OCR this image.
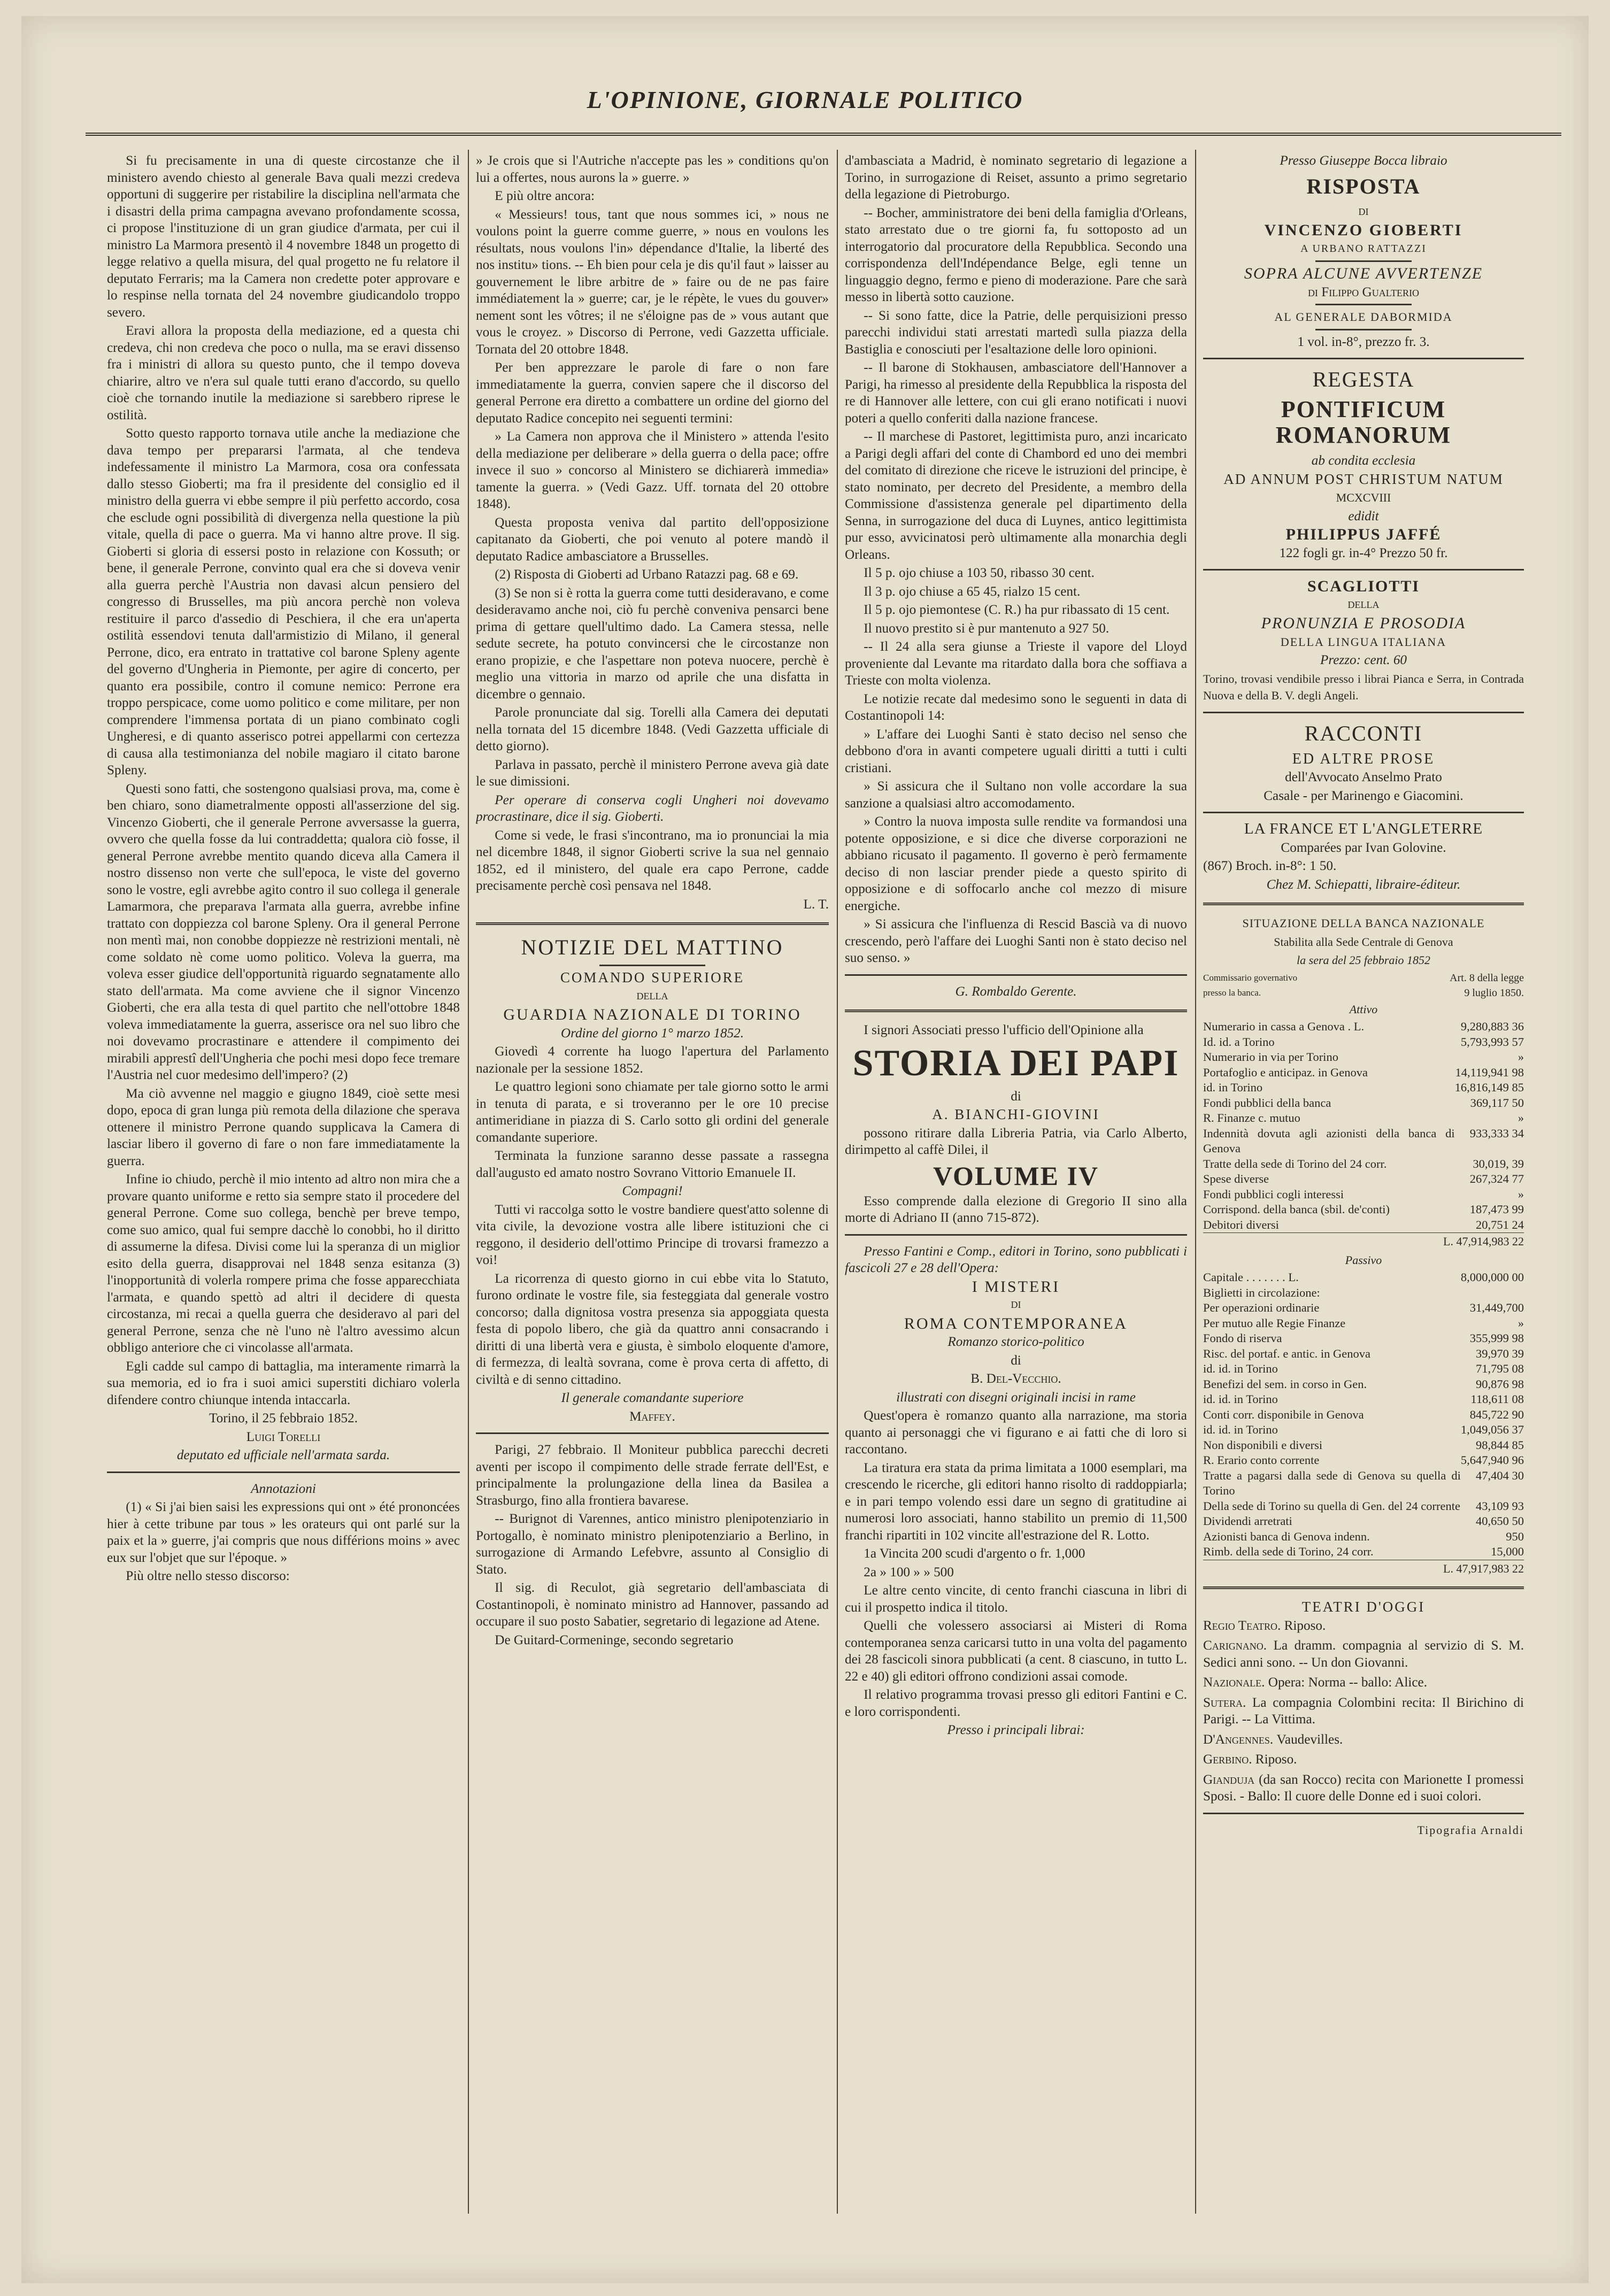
L'OPINIONE, GIORNALE POLITICO

Si fu precisamente in una di queste circostanze che il ministero avendo chiesto al generale Bava quali mezzi credeva opportuni di suggerire per ristabilire la disciplina nell'armata che i disastri della prima campagna avevano profondamente scossa, ci propose l'instituzione di un gran giudice d'armata, per cui il ministro La Marmora presentò il 4 novembre 1848 un progetto di legge relativo a quella misura, del qual progetto ne fu relatore il deputato Ferraris; ma la Camera non credette poter approvare e lo respinse nella tornata del 24 novembre giudicandolo troppo severo.

Eravi allora la proposta della mediazione, ed a questa chi credeva, chi non credeva che poco o nulla, ma se eravi dissenso fra i ministri di allora su questo punto, che il tempo doveva chiarire, altro ve n'era sul quale tutti erano d'accordo, su quello cioè che tornando inutile la mediazione si sarebbero riprese le ostilità.

Sotto questo rapporto tornava utile anche la mediazione che dava tempo per prepararsi l'armata, al che tendeva indefessamente il ministro La Marmora, cosa ora confessata dallo stesso Gioberti; ma fra il presidente del consiglio ed il ministro della guerra vi ebbe sempre il più perfetto accordo, cosa che esclude ogni possibilità di divergenza nella questione la più vitale, quella di pace o guerra. Ma vi hanno altre prove. Il sig. Gioberti si gloria di essersi posto in relazione con Kossuth; or bene, il generale Perrone, convinto qual era che si doveva venir alla guerra perchè l'Austria non davasi alcun pensiero del congresso di Brusselles, ma più ancora perchè non voleva restituire il parco d'assedio di Peschiera, il che era un'aperta ostilità essendovi tenuta dall'armistizio di Milano, il general Perrone, dico, era entrato in trattative col barone Spleny agente del governo d'Ungheria in Piemonte, per agire di concerto, per quanto era possibile, contro il comune nemico: Perrone era troppo perspicace, come uomo politico e come militare, per non comprendere l'immensa portata di un piano combinato cogli Ungheresi, e di quanto asserisco potrei appellarmi con certezza di causa alla testimonianza del nobile magiaro il citato barone Spleny.

Questi sono fatti, che sostengono qualsiasi prova, ma, come è ben chiaro, sono diametralmente opposti all'asserzione del sig. Vincenzo Gioberti, che il generale Perrone avversasse la guerra, ovvero che quella fosse da lui contraddetta; qualora ciò fosse, il general Perrone avrebbe mentito quando diceva alla Camera il nostro dissenso non verte che sull'epoca, le viste del governo sono le vostre, egli avrebbe agito contro il suo collega il generale Lamarmora, che preparava l'armata alla guerra, avrebbe infine trattato con doppiezza col barone Spleny. Ora il general Perrone non mentì mai, non conobbe doppiezze nè restrizioni mentali, nè come soldato nè come uomo politico. Voleva la guerra, ma voleva esser giudice dell'opportunità riguardo segnatamente allo stato dell'armata. Ma come avviene che il signor Vincenzo Gioberti, che era alla testa di quel partito che nell'ottobre 1848 voleva immediatamente la guerra, asserisce ora nel suo libro che noi dovevamo procrastinare e attendere il compimento dei mirabili apprestî dell'Ungheria che pochi mesi dopo fece tremare l'Austria nel cuor medesimo dell'impero? (2)

Ma ciò avvenne nel maggio e giugno 1849, cioè sette mesi dopo, epoca di gran lunga più remota della dilazione che sperava ottenere il ministro Perrone quando supplicava la Camera di lasciar libero il governo di fare o non fare immediatamente la guerra.

Infine io chiudo, perchè il mio intento ad altro non mira che a provare quanto uniforme e retto sia sempre stato il procedere del general Perrone. Come suo collega, benchè per breve tempo, come suo amico, qual fui sempre dacchè lo conobbi, ho il diritto di assumerne la difesa. Divisi come lui la speranza di un miglior esito della guerra, disapprovai nel 1848 senza esitanza (3) l'inopportunità di volerla rompere prima che fosse apparecchiata l'armata, e quando spettò ad altri il decidere di questa circostanza, mi recai a quella guerra che desideravo al pari del general Perrone, senza che nè l'uno nè l'altro avessimo alcun obbligo anteriore che ci vincolasse all'armata.

Egli cadde sul campo di battaglia, ma interamente rimarrà la sua memoria, ed io fra i suoi amici superstiti dichiaro volerla difendere contro chiunque intenda intaccarla.

Torino, il 25 febbraio 1852.

Luigi Torelli

deputato ed ufficiale nell'armata sarda.

Annotazioni

(1) « Si j'ai bien saisi les expressions qui ont » été prononcées hier à cette tribune par tous » les orateurs qui ont parlé sur la paix et la » guerre, j'ai compris que nous différions moins » avec eux sur l'objet que sur l'époque. »

Più oltre nello stesso discorso:

» Je crois que si l'Autriche n'accepte pas les » conditions qu'on lui a offertes, nous aurons la » guerre. »

E più oltre ancora:

« Messieurs! tous, tant que nous sommes ici, » nous ne voulons point la guerre comme guerre, » nous en voulons les résultats, nous voulons l'in» dépendance d'Italie, la liberté des nos institu» tions. -- Eh bien pour cela je dis qu'il faut » laisser au gouvernement le libre arbitre de » faire ou de ne pas faire immédiatement la » guerre; car, je le répète, le vues du gouver» nement sont les vôtres; il ne s'éloigne pas de » vous autant que vous le croyez. » Discorso di Perrone, vedi Gazzetta ufficiale. Tornata del 20 ottobre 1848.

Per ben apprezzare le parole di fare o non fare immediatamente la guerra, convien sapere che il discorso del general Perrone era diretto a combattere un ordine del giorno del deputato Radice concepito nei seguenti termini:

» La Camera non approva che il Ministero » attenda l'esito della mediazione per deliberare » della guerra o della pace; offre invece il suo » concorso al Ministero se dichiarerà immedia» tamente la guerra. » (Vedi Gazz. Uff. tornata del 20 ottobre 1848).

Questa proposta veniva dal partito dell'opposizione capitanato da Gioberti, che poi venuto al potere mandò il deputato Radice ambasciatore a Brusselles.

(2) Risposta di Gioberti ad Urbano Ratazzi pag. 68 e 69.

(3) Se non si è rotta la guerra come tutti desideravano, e come desideravamo anche noi, ciò fu perchè conveniva pensarci bene prima di gettare quell'ultimo dado. La Camera stessa, nelle sedute secrete, ha potuto convincersi che le circostanze non erano propizie, e che l'aspettare non poteva nuocere, perchè è meglio una vittoria in marzo od aprile che una disfatta in dicembre o gennaio.

Parole pronunciate dal sig. Torelli alla Camera dei deputati nella tornata del 15 dicembre 1848. (Vedi Gazzetta ufficiale di detto giorno).

Parlava in passato, perchè il ministero Perrone aveva già date le sue dimissioni.

Per operare di conserva cogli Ungheri noi dovevamo procrastinare, dice il sig. Gioberti.

Come si vede, le frasi s'incontrano, ma io pronunciai la mia nel dicembre 1848, il signor Gioberti scrive la sua nel gennaio 1852, ed il ministero, del quale era capo Perrone, cadde precisamente perchè così pensava nel 1848.

L. T.

NOTIZIE DEL MATTINO

COMANDO SUPERIORE

DELLA

GUARDIA NAZIONALE DI TORINO

Ordine del giorno 1° marzo 1852.

Giovedì 4 corrente ha luogo l'apertura del Parlamento nazionale per la sessione 1852.

Le quattro legioni sono chiamate per tale giorno sotto le armi in tenuta di parata, e si troveranno per le ore 10 precise antimeridiane in piazza di S. Carlo sotto gli ordini del generale comandante superiore.

Terminata la funzione saranno desse passate a rassegna dall'augusto ed amato nostro Sovrano Vittorio Emanuele II.

Compagni!

Tutti vi raccolga sotto le vostre bandiere quest'atto solenne di vita civile, la devozione vostra alle libere istituzioni che ci reggono, il desiderio dell'ottimo Principe di trovarsi framezzo a voi!

La ricorrenza di questo giorno in cui ebbe vita lo Statuto, furono ordinate le vostre file, sia festeggiata dal generale vostro concorso; dalla dignitosa vostra presenza sia appoggiata questa festa di popolo libero, che già da quattro anni consacrando i diritti di una libertà vera e giusta, è simbolo eloquente d'amore, di fermezza, di lealtà sovrana, come è prova certa di affetto, di civiltà e di senno cittadino.

Il generale comandante superiore

Maffey.

Parigi, 27 febbraio. Il Moniteur pubblica parecchi decreti aventi per iscopo il compimento delle strade ferrate dell'Est, e principalmente la prolungazione della linea da Basilea a Strasburgo, fino alla frontiera bavarese.

-- Burignot di Varennes, antico ministro plenipotenziario in Portogallo, è nominato ministro plenipotenziario a Berlino, in surrogazione di Armando Lefebvre, assunto al Consiglio di Stato.

Il sig. di Reculot, già segretario dell'ambasciata di Costantinopoli, è nominato ministro ad Hannover, passando ad occupare il suo posto Sabatier, segretario di legazione ad Atene.

De Guitard-Cormeninge, secondo segretario

d'ambasciata a Madrid, è nominato segretario di legazione a Torino, in surrogazione di Reiset, assunto a primo segretario della legazione di Pietroburgo.

-- Bocher, amministratore dei beni della famiglia d'Orleans, stato arrestato due o tre giorni fa, fu sottoposto ad un interrogatorio dal procuratore della Repubblica. Secondo una corrispondenza dell'Indépendance Belge, egli tenne un linguaggio degno, fermo e pieno di moderazione. Pare che sarà messo in libertà sotto cauzione.

-- Si sono fatte, dice la Patrie, delle perquisizioni presso parecchi individui stati arrestati martedì sulla piazza della Bastiglia e conosciuti per l'esaltazione delle loro opinioni.

-- Il barone di Stokhausen, ambasciatore dell'Hannover a Parigi, ha rimesso al presidente della Repubblica la risposta del re di Hannover alle lettere, con cui gli erano notificati i nuovi poteri a quello conferiti dalla nazione francese.

-- Il marchese di Pastoret, legittimista puro, anzi incaricato a Parigi degli affari del conte di Chambord ed uno dei membri del comitato di direzione che riceve le istruzioni del principe, è stato nominato, per decreto del Presidente, a membro della Commissione d'assistenza generale pel dipartimento della Senna, in surrogazione del duca di Luynes, antico legittimista pur esso, avvicinatosi però ultimamente alla monarchia degli Orleans.

Il 5 p. ojo chiuse a 103 50, ribasso 30 cent.

Il 3 p. ojo chiuse a 65 45, rialzo 15 cent.

Il 5 p. ojo piemontese (C. R.) ha pur ribassato di 15 cent.

Il nuovo prestito si è pur mantenuto a 927 50.

-- Il 24 alla sera giunse a Trieste il vapore del Lloyd proveniente dal Levante ma ritardato dalla bora che soffiava a Trieste con molta violenza.

Le notizie recate dal medesimo sono le seguenti in data di Costantinopoli 14:

» L'affare dei Luoghi Santi è stato deciso nel senso che debbono d'ora in avanti competere uguali diritti a tutti i culti cristiani.

» Si assicura che il Sultano non volle accordare la sua sanzione a qualsiasi altro accomodamento.

» Contro la nuova imposta sulle rendite va formandosi una potente opposizione, e si dice che diverse corporazioni ne abbiano ricusato il pagamento. Il governo è però fermamente deciso di non lasciar prender piede a questo spirito di opposizione e di soffocarlo anche col mezzo di misure energiche.

» Si assicura che l'influenza di Rescid Bascià va di nuovo crescendo, però l'affare dei Luoghi Santi non è stato deciso nel suo senso. »

G. Rombaldo Gerente.

I signori Associati presso l'ufficio dell'Opinione alla

STORIA DEI PAPI

di

A. BIANCHI-GIOVINI

possono ritirare dalla Libreria Patria, via Carlo Alberto, dirimpetto al caffè Dilei, il

VOLUME IV

Esso comprende dalla elezione di Gregorio II sino alla morte di Adriano II (anno 715-872).

Presso Fantini e Comp., editori in Torino, sono pubblicati i fascicoli 27 e 28 dell'Opera:

I MISTERI

DI

ROMA CONTEMPORANEA

Romanzo storico-politico

di

B. Del-Vecchio.

illustrati con disegni originali incisi in rame

Quest'opera è romanzo quanto alla narrazione, ma storia quanto ai personaggi che vi figurano e ai fatti che di loro si raccontano.

La tiratura era stata da prima limitata a 1000 esemplari, ma crescendo le ricerche, gli editori hanno risolto di raddoppiarla; e in pari tempo volendo essi dare un segno di gratitudine ai numerosi loro associati, hanno stabilito un premio di 11,500 franchi ripartiti in 102 vincite all'estrazione del R. Lotto.

1a Vincita 200 scudi d'argento o fr. 1,000

2a » 100 » » 500

Le altre cento vincite, di cento franchi ciascuna in libri di cui il prospetto indica il titolo.

Quelli che volessero associarsi ai Misteri di Roma contemporanea senza caricarsi tutto in una volta del pagamento dei 28 fascicoli sinora pubblicati (a cent. 8 ciascuno, in tutto L. 22 e 40) gli editori offrono condizioni assai comode.

Il relativo programma trovasi presso gli editori Fantini e C. e loro corrispondenti.

Presso i principali librai:

Presso Giuseppe Bocca libraio

RISPOSTA

DI

VINCENZO GIOBERTI

A URBANO RATTAZZI

SOPRA ALCUNE AVVERTENZE

di Filippo Gualterio

AL GENERALE DABORMIDA

1 vol. in-8°, prezzo fr. 3.

REGESTA
PONTIFICUM ROMANORUM

ab condita ecclesia

AD ANNUM POST CHRISTUM NATUM

MCXCVIII

edidit

PHILIPPUS JAFFÉ

122 fogli gr. in-4° Prezzo 50 fr.

SCAGLIOTTI

DELLA

PRONUNZIA E PROSODIA

DELLA LINGUA ITALIANA

Prezzo: cent. 60

Torino, trovasi vendibile presso i librai Pianca e Serra, in Contrada Nuova e della B. V. degli Angeli.

RACCONTI

ED ALTRE PROSE

dell'Avvocato Anselmo Prato

Casale - per Marinengo e Giacomini.

LA FRANCE ET L'ANGLETERRE

Comparées par Ivan Golovine.

(867) Broch. in-8°: 1 50.

Chez M. Schiepatti, libraire-éditeur.

SITUAZIONE DELLA BANCA NAZIONALE

Stabilita alla Sede Centrale di Genova

la sera del 25 febbraio 1852

Commissario governativo	Art. 8 della legge
presso la banca.	9 luglio 1850.

Attivo

Numerario in cassa a Genova . L.	9,280,883 36
Id. id. a Torino	5,793,993 57
Numerario in via per Torino	»
Portafoglio e anticipaz. in Genova	14,119,941 98
id. in Torino	16,816,149 85
Fondi pubblici della banca	369,117 50
R. Finanze c. mutuo	»
Indennità dovuta agli azionisti della banca di Genova	933,333 34
Tratte della sede di Torino del 24 corr.	30,019, 39
Spese diverse	267,324 77
Fondi pubblici cogli interessi	»
Corrispond. della banca (sbil. de'conti)	187,473 99
Debitori diversi	20,751 24

L. 47,914,983 22

Passivo

Capitale . . . . . . . L.	8,000,000 00
Biglietti in circolazione:	
Per operazioni ordinarie	31,449,700
Per mutuo alle Regie Finanze	»
Fondo di riserva	355,999 98
Risc. del portaf. e antic. in Genova	39,970 39
id. id. in Torino	71,795 08
Benefizi del sem. in corso in Gen.	90,876 98
id. id. in Torino	118,611 08
Conti corr. disponibile in Genova	845,722 90
id. id. in Torino	1,049,056 37
Non disponibili e diversi	98,844 85
R. Erario conto corrente	5,647,940 96
Tratte a pagarsi dalla sede di Genova su quella di Torino	47,404 30
Della sede di Torino su quella di Gen. del 24 corrente	43,109 93
Dividendi arretrati	40,650 50
Azionisti banca di Genova indenn.	950
Rimb. della sede di Torino, 24 corr.	15,000

L. 47,917,983 22

TEATRI D'OGGI

Regio Teatro. Riposo.

Carignano. La dramm. compagnia al servizio di S. M. Sedici anni sono. -- Un don Giovanni.

Nazionale. Opera: Norma -- ballo: Alice.

Sutera. La compagnia Colombini recita: Il Birichino di Parigi. -- La Vittima.

D'Angennes. Vaudevilles.

Gerbino. Riposo.

Gianduja (da san Rocco) recita con Marionette I promessi Sposi. - Ballo: Il cuore delle Donne ed i suoi colori.

Tipografia Arnaldi
